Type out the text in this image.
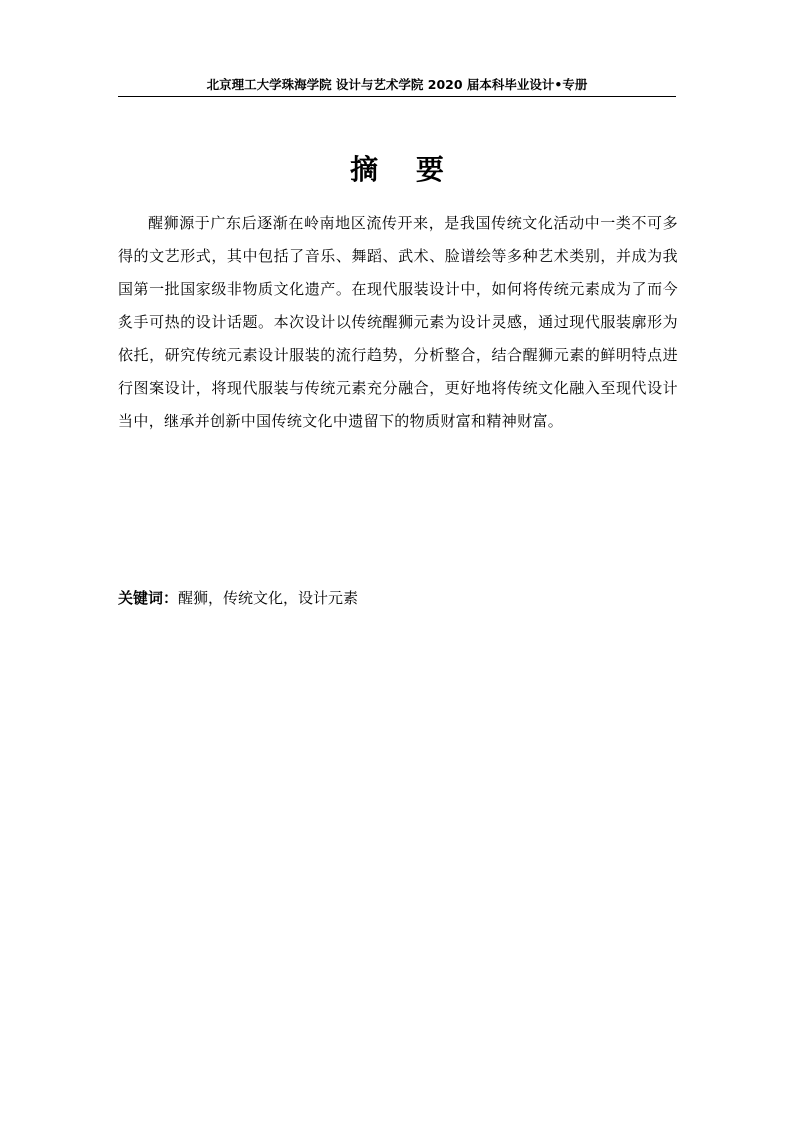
北京理工大学珠海学院 设计与艺术学院 2020 届本科毕业设计•专册
摘 要

醒狮源于广东后逐渐在岭南地区流传开来，是我国传统文化活动中一类不可多得的文艺形式，其中包括了音乐、舞蹈、武术、脸谱绘等多种艺术类别，并成为我国第一批国家级非物质文化遗产。在现代服装设计中，如何将传统元素成为了而今炙手可热的设计话题。本次设计以传统醒狮元素为设计灵感，通过现代服装廓形为依托，研究传统元素设计服装的流行趋势，分析整合，结合醒狮元素的鲜明特点进行图案设计，将现代服装与传统元素充分融合，更好地将传统文化融入至现代设计当中，继承并创新中国传统文化中遗留下的物质财富和精神财富。

关键词：醒狮，传统文化，设计元素
